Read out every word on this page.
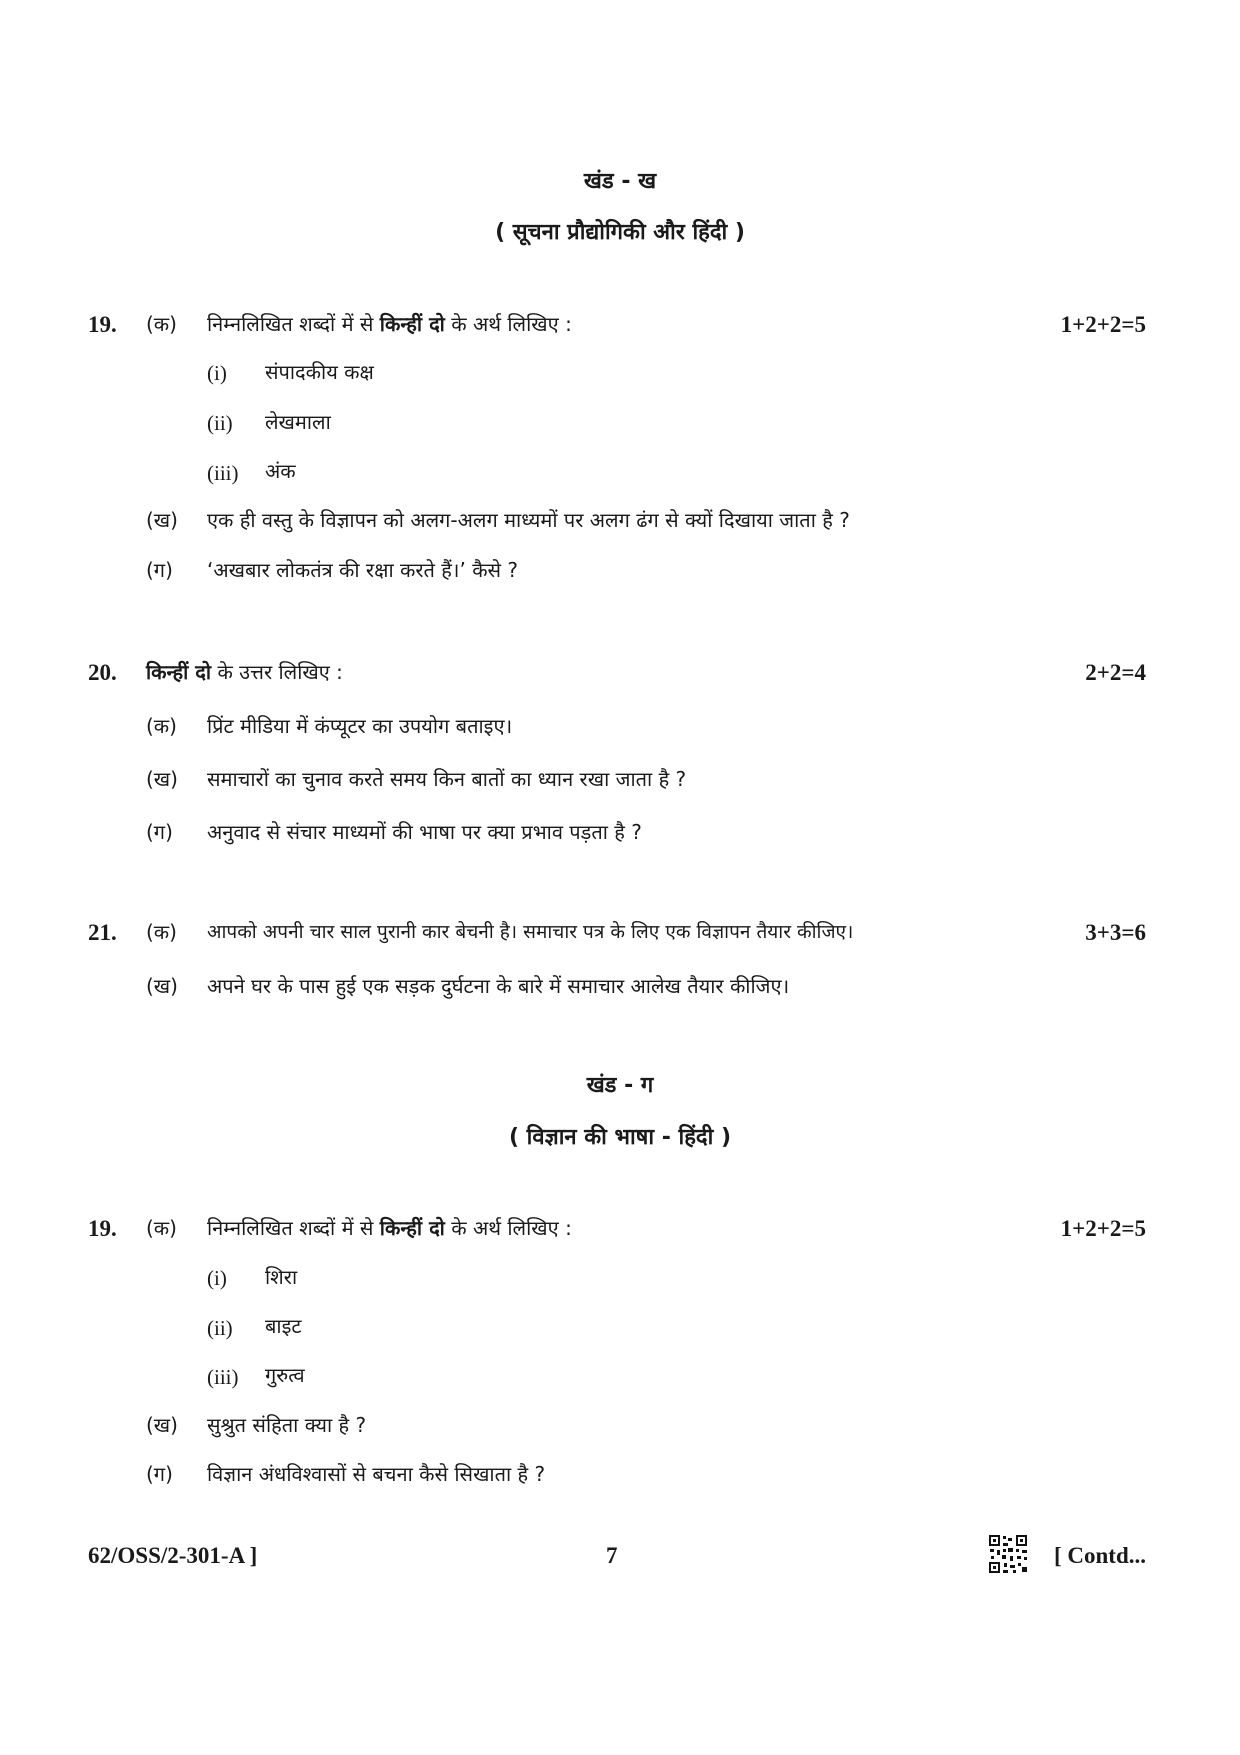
खंड - ख
( सूचना प्रौद्योगिकी और हिंदी )
19. (क) निम्नलिखित शब्दों में से किन्हीं दो के अर्थ लिखिए :	1+2+2=5
(i) संपादकीय कक्ष
(ii) लेखमाला
(iii) अंक
(ख) एक ही वस्तु के विज्ञापन को अलग-अलग माध्यमों पर अलग ढंग से क्यों दिखाया जाता है ?
(ग) ‘अखबार लोकतंत्र की रक्षा करते हैं।’ कैसे ?
20. किन्हीं दो के उत्तर लिखिए :	2+2=4
(क) प्रिंट मीडिया में कंप्यूटर का उपयोग बताइए।
(ख) समाचारों का चुनाव करते समय किन बातों का ध्यान रखा जाता है ?
(ग) अनुवाद से संचार माध्यमों की भाषा पर क्या प्रभाव पड़ता है ?
21. (क) आपको अपनी चार साल पुरानी कार बेचनी है। समाचार पत्र के लिए एक विज्ञापन तैयार कीजिए।	3+3=6
(ख) अपने घर के पास हुई एक सड़क दुर्घटना के बारे में समाचार आलेख तैयार कीजिए।
खंड - ग
( विज्ञान की भाषा - हिंदी )
19. (क) निम्नलिखित शब्दों में से किन्हीं दो के अर्थ लिखिए :	1+2+2=5
(i) शिरा
(ii) बाइट
(iii) गुरुत्व
(ख) सुश्रुत संहिता क्या है ?
(ग) विज्ञान अंधविश्वासों से बचना कैसे सिखाता है ?
62/OSS/2-301-A ]	7	[ Contd...
